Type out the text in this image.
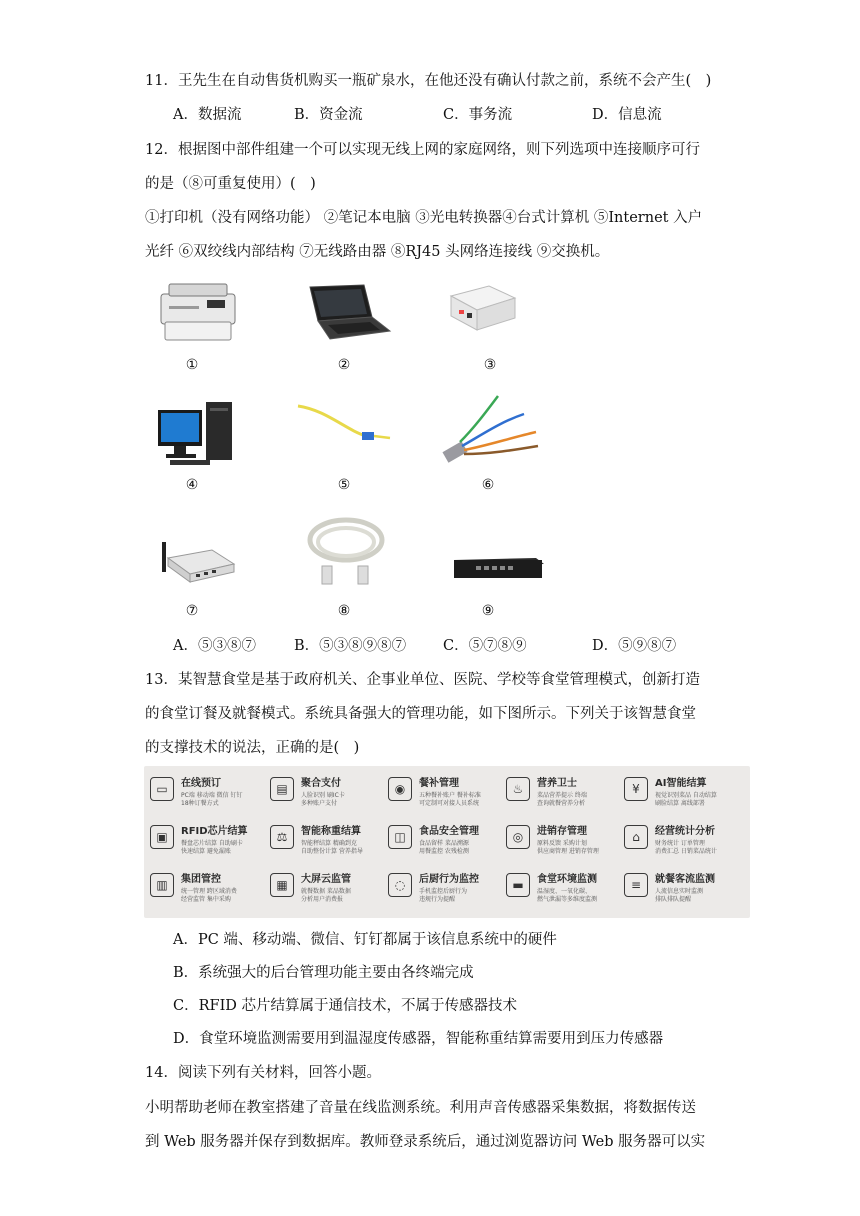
11．王先生在自动售货机购买一瓶矿泉水，在他还没有确认付款之前，系统不会产生(　)
A．数据流	B．资金流	C．事务流	D．信息流
12．根据图中部件组建一个可以实现无线上网的家庭网络，则下列选项中连接顺序可行
的是（⑧可重复使用）(　)
①打印机（没有网络功能） ②笔记本电脑 ③光电转换器④台式计算机 ⑤Internet 入户
光纤 ⑥双绞线内部结构 ⑦无线路由器 ⑧RJ45 头网络连接线 ⑨交换机。
①	②	③
④	⑤	⑥
⑦	⑧	⑨
A．⑤③⑧⑦	B．⑤③⑧⑨⑧⑦	C．⑤⑦⑧⑨	D．⑤⑨⑧⑦
13．某智慧食堂是基于政府机关、企事业单位、医院、学校等食堂管理模式，创新打造
的食堂订餐及就餐模式。系统具备强大的管理功能，如下图所示。下列关于该智慧食堂
的支撑技术的说法，正确的是(　)
▭	在线预订
PC端 移动端 微信 钉钉
18种订餐方式
▤	聚合支付
人脸识别 刷IC卡
多种账户支付
◉	餐补管理
五种餐补账户 餐补标准
可定制可对接人员系统
♨	营养卫士
菜品营养提示 终端
查询就餐营养分析
¥	AI智能结算
视觉识别菜品 自动结算
刷脸结算 离线部署
▣	RFID芯片结算
餐盘芯片结算 自助刷卡
快速结算 避免漏账
⚖	智能称重结算
智能秤结算 精确到克
自助整份计算 营养指导
◫	食品安全管理
食品留样 菜品溯源
用餐监控 农残检测
◎	进销存管理
原料反馈 采购计划
供应商管理 进销存管理
⌂	经营统计分析
财务统计 订单管理
消费汇总 日销菜品统计
▥	集团管控
统一管理 跨区域消费
经营监管 集中采购
▦	大屏云监管
就餐数据 菜品数据
分析用户消费报
◌	后厨行为监控
手机监控后厨行为
违规行为提醒
▬	食堂环境监测
温湿度、一氧化碳、
燃气泄漏等多维度监测
≡	就餐客流监测
人流信息实时监测
排队排队提醒
A．PC 端、移动端、微信、钉钉都属于该信息系统中的硬件
B．系统强大的后台管理功能主要由各终端完成
C．RFID 芯片结算属于通信技术，不属于传感器技术
D．食堂环境监测需要用到温湿度传感器，智能称重结算需要用到压力传感器
14．阅读下列有关材料，回答小题。
小明帮助老师在教室搭建了音量在线监测系统。利用声音传感器采集数据，将数据传送
到 Web 服务器并保存到数据库。教师登录系统后，通过浏览器访问 Web 服务器可以实
